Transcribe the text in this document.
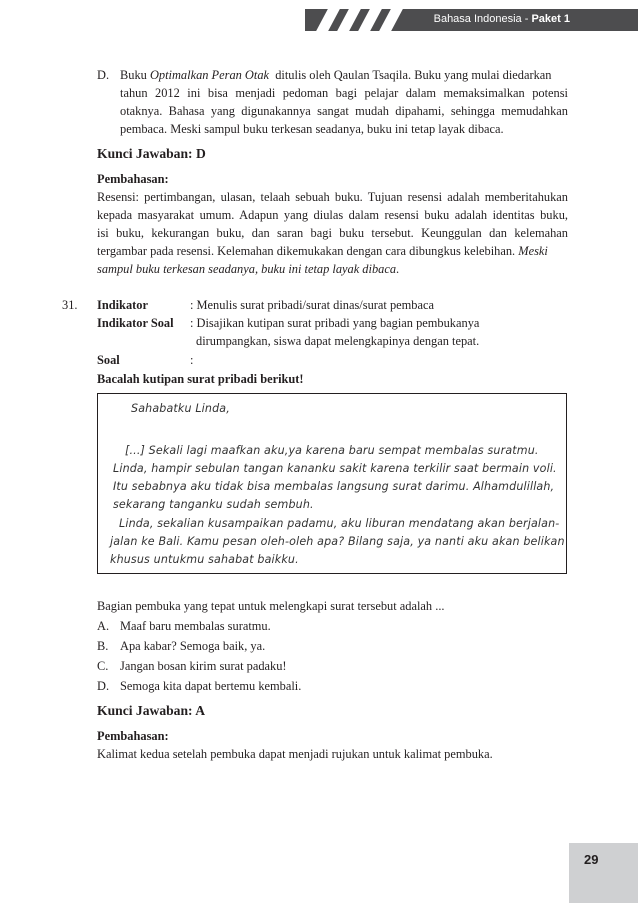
Bahasa Indonesia - Paket 1
D. Buku Optimalkan Peran Otak  ditulis oleh Qaulan Tsaqila. Buku yang mulai diedarkan
tahun 2012 ini bisa menjadi pedoman bagi pelajar dalam memaksimalkan potensi
otaknya. Bahasa yang digunakannya sangat mudah dipahami, sehingga memudahkan
pembaca. Meski sampul buku terkesan seadanya, buku ini tetap layak dibaca.
Kunci Jawaban: D
Pembahasan:
Resensi: pertimbangan, ulasan, telaah sebuah buku. Tujuan resensi adalah memberitahukan
kepada masyarakat umum. Adapun yang diulas dalam resensi buku adalah identitas buku,
isi buku, kekurangan buku, dan saran bagi buku tersebut. Keunggulan dan kelemahan
tergambar pada resensi. Kelemahan dikemukakan dengan cara dibungkus kelebihan. Meski
sampul buku terkesan seadanya, buku ini tetap layak dibaca.
31. Indikator	: Menulis surat pribadi/surat dinas/surat pembaca
Indikator Soal : Disajikan kutipan surat pribadi yang bagian pembukanya
dirumpangkan, siswa dapat melengkapinya dengan tepat.
Soal	:
Bacalah kutipan surat pribadi berikut!
Sahabatku Linda,
[...] Sekali lagi maafkan aku,ya karena baru sempat membalas suratmu.
Linda, hampir sebulan tangan kananku sakit karena terkilir saat bermain voli.
Itu sebabnya aku tidak bisa membalas langsung surat darimu. Alhamdulillah,
sekarang tanganku sudah sembuh.
Linda, sekalian kusampaikan padamu, aku liburan mendatang akan berjalan-
jalan ke Bali. Kamu pesan oleh-oleh apa? Bilang saja, ya nanti aku akan belikan
khusus untukmu sahabat baikku.
Bagian pembuka yang tepat untuk melengkapi surat tersebut adalah ...
A. Maaf baru membalas suratmu.
B. Apa kabar? Semoga baik, ya.
C. Jangan bosan kirim surat padaku!
D. Semoga kita dapat bertemu kembali.
Kunci Jawaban: A
Pembahasan:
Kalimat kedua setelah pembuka dapat menjadi rujukan untuk kalimat pembuka.
29
